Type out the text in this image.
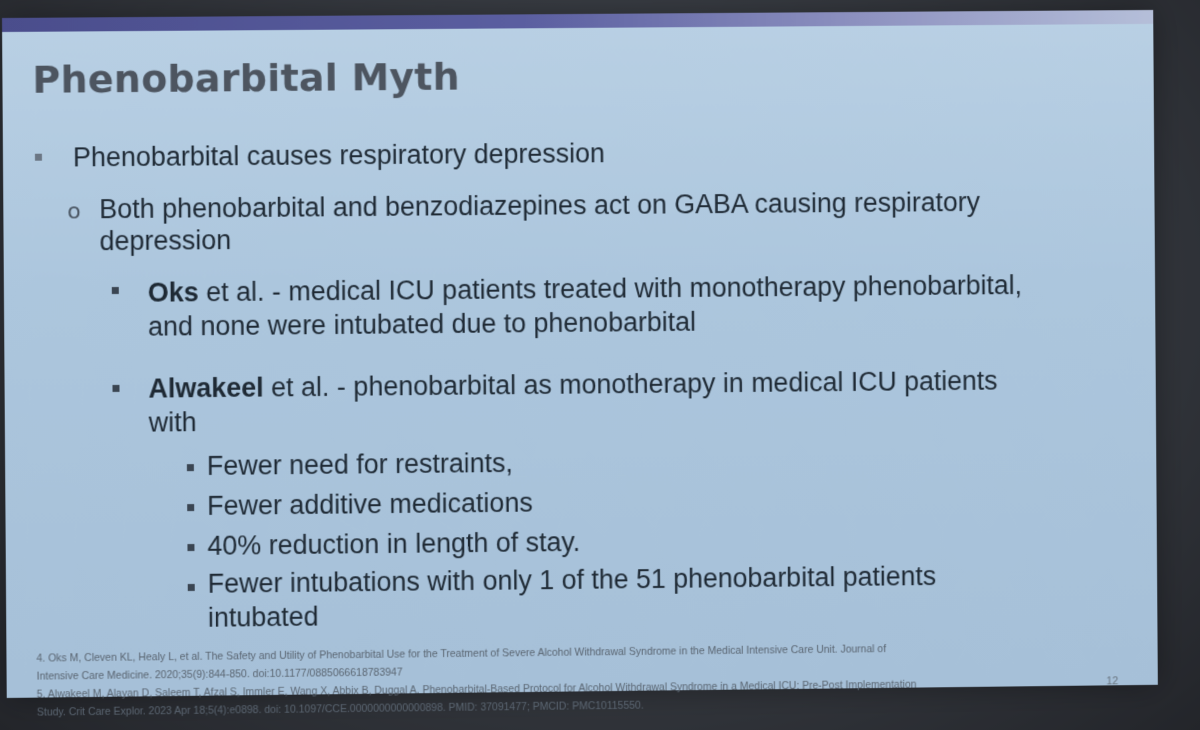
Phenobarbital Myth
Phenobarbital causes respiratory depression
o Both phenobarbital and benzodiazepines act on GABA causing respiratory
depression
Oks et al. - medical ICU patients treated with monotherapy phenobarbital,
and none were intubated due to phenobarbital
Alwakeel et al. - phenobarbital as monotherapy in medical ICU patients
with
Fewer need for restraints,
Fewer additive medications
40% reduction in length of stay.
Fewer intubations with only 1 of the 51 phenobarbital patients
intubated
4. Oks M, Cleven KL, Healy L, et al. The Safety and Utility of Phenobarbital Use for the Treatment of Severe Alcohol Withdrawal Syndrome in the Medical Intensive Care Unit. Journal of
Intensive Care Medicine. 2020;35(9):844-850. doi:10.1177/0885066618783947
5. Alwakeel M, Alayan D, Saleem T, Afzal S, Immler E, Wang X, Abbix B, Duggal A. Phenobarbital-Based Protocol for Alcohol Withdrawal Syndrome in a Medical ICU: Pre-Post Implementation
Study. Crit Care Explor. 2023 Apr 18;5(4):e0898. doi: 10.1097/CCE.0000000000000898. PMID: 37091477; PMCID: PMC10115550.
12
